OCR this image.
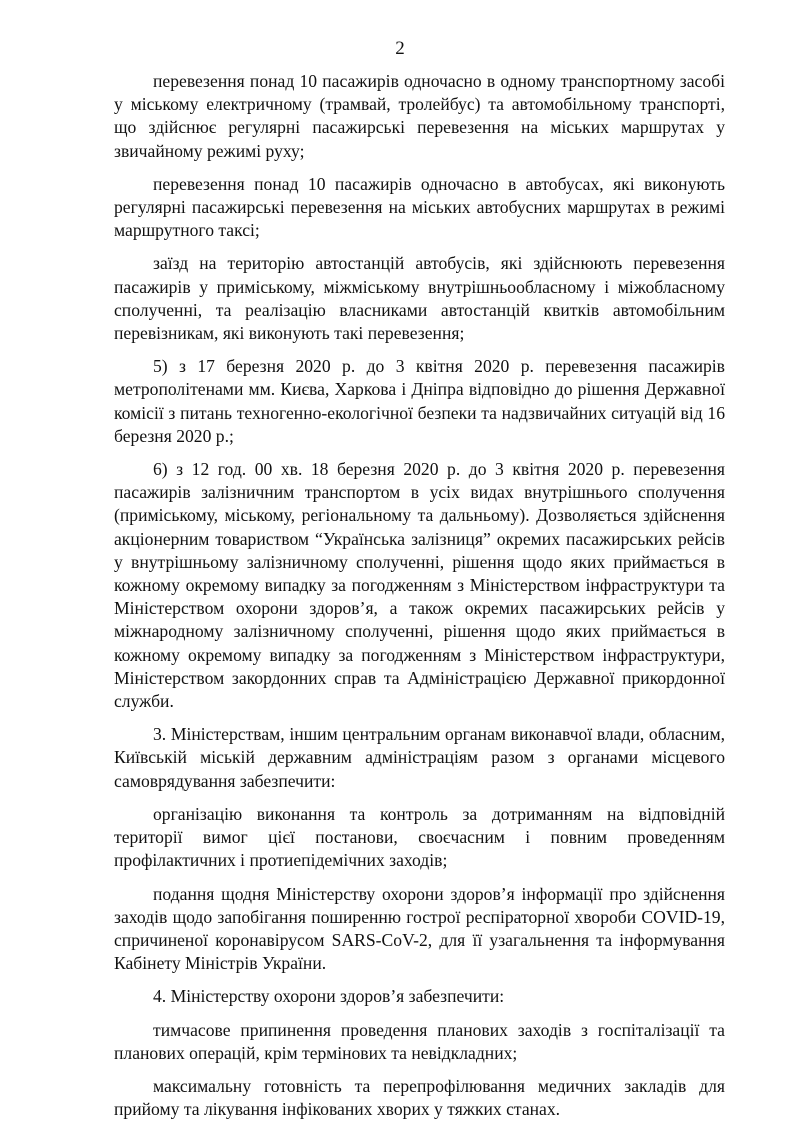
2

перевезення понад 10 пасажирів одночасно в одному транспортному засобі у міському електричному (трамвай, тролейбус) та автомобільному транспорті, що здійснює регулярні пасажирські перевезення на міських маршрутах у звичайному режимі руху;

перевезення понад 10 пасажирів одночасно в автобусах, які виконують регулярні пасажирські перевезення на міських автобусних маршрутах в режимі маршрутного таксі;

заїзд на територію автостанцій автобусів, які здійснюють перевезення пасажирів у приміському, міжміському внутрішньообласному і міжобласному сполученні, та реалізацію власниками автостанцій квитків автомобільним перевізникам, які виконують такі перевезення;

5) з 17 березня 2020 р. до 3 квітня 2020 р. перевезення пасажирів метрополітенами мм. Києва, Харкова і Дніпра відповідно до рішення Державної комісії з питань техногенно-екологічної безпеки та надзвичайних ситуацій від 16 березня 2020 р.;

6) з 12 год. 00 хв. 18 березня 2020 р. до 3 квітня 2020 р. перевезення пасажирів залізничним транспортом в усіх видах внутрішнього сполучення (приміському, міському, регіональному та дальньому). Дозволяється здійснення акціонерним товариством “Українська залізниця” окремих пасажирських рейсів у внутрішньому залізничному сполученні, рішення щодо яких приймається в кожному окремому випадку за погодженням з Міністерством інфраструктури та Міністерством охорони здоров’я, а також окремих пасажирських рейсів у міжнародному залізничному сполученні, рішення щодо яких приймається в кожному окремому випадку за погодженням з Міністерством інфраструктури, Міністерством закордонних справ та Адміністрацією Державної прикордонної служби.

3. Міністерствам, іншим центральним органам виконавчої влади, обласним, Київській міській державним адміністраціям разом з органами місцевого самоврядування забезпечити:

організацію виконання та контроль за дотриманням на відповідній території вимог цієї постанови, своєчасним і повним проведенням профілактичних і протиепідемічних заходів;

подання щодня Міністерству охорони здоров’я інформації про здійснення заходів щодо запобігання поширенню гострої респіраторної хвороби COVID-19, спричиненої коронавірусом SARS-CoV-2, для її узагальнення та інформування Кабінету Міністрів України.

4. Міністерству охорони здоров’я забезпечити:

тимчасове припинення проведення планових заходів з госпіталізації та планових операцій, крім термінових та невідкладних;

максимальну готовність та перепрофілювання медичних закладів для прийому та лікування інфікованих хворих у тяжких станах.
